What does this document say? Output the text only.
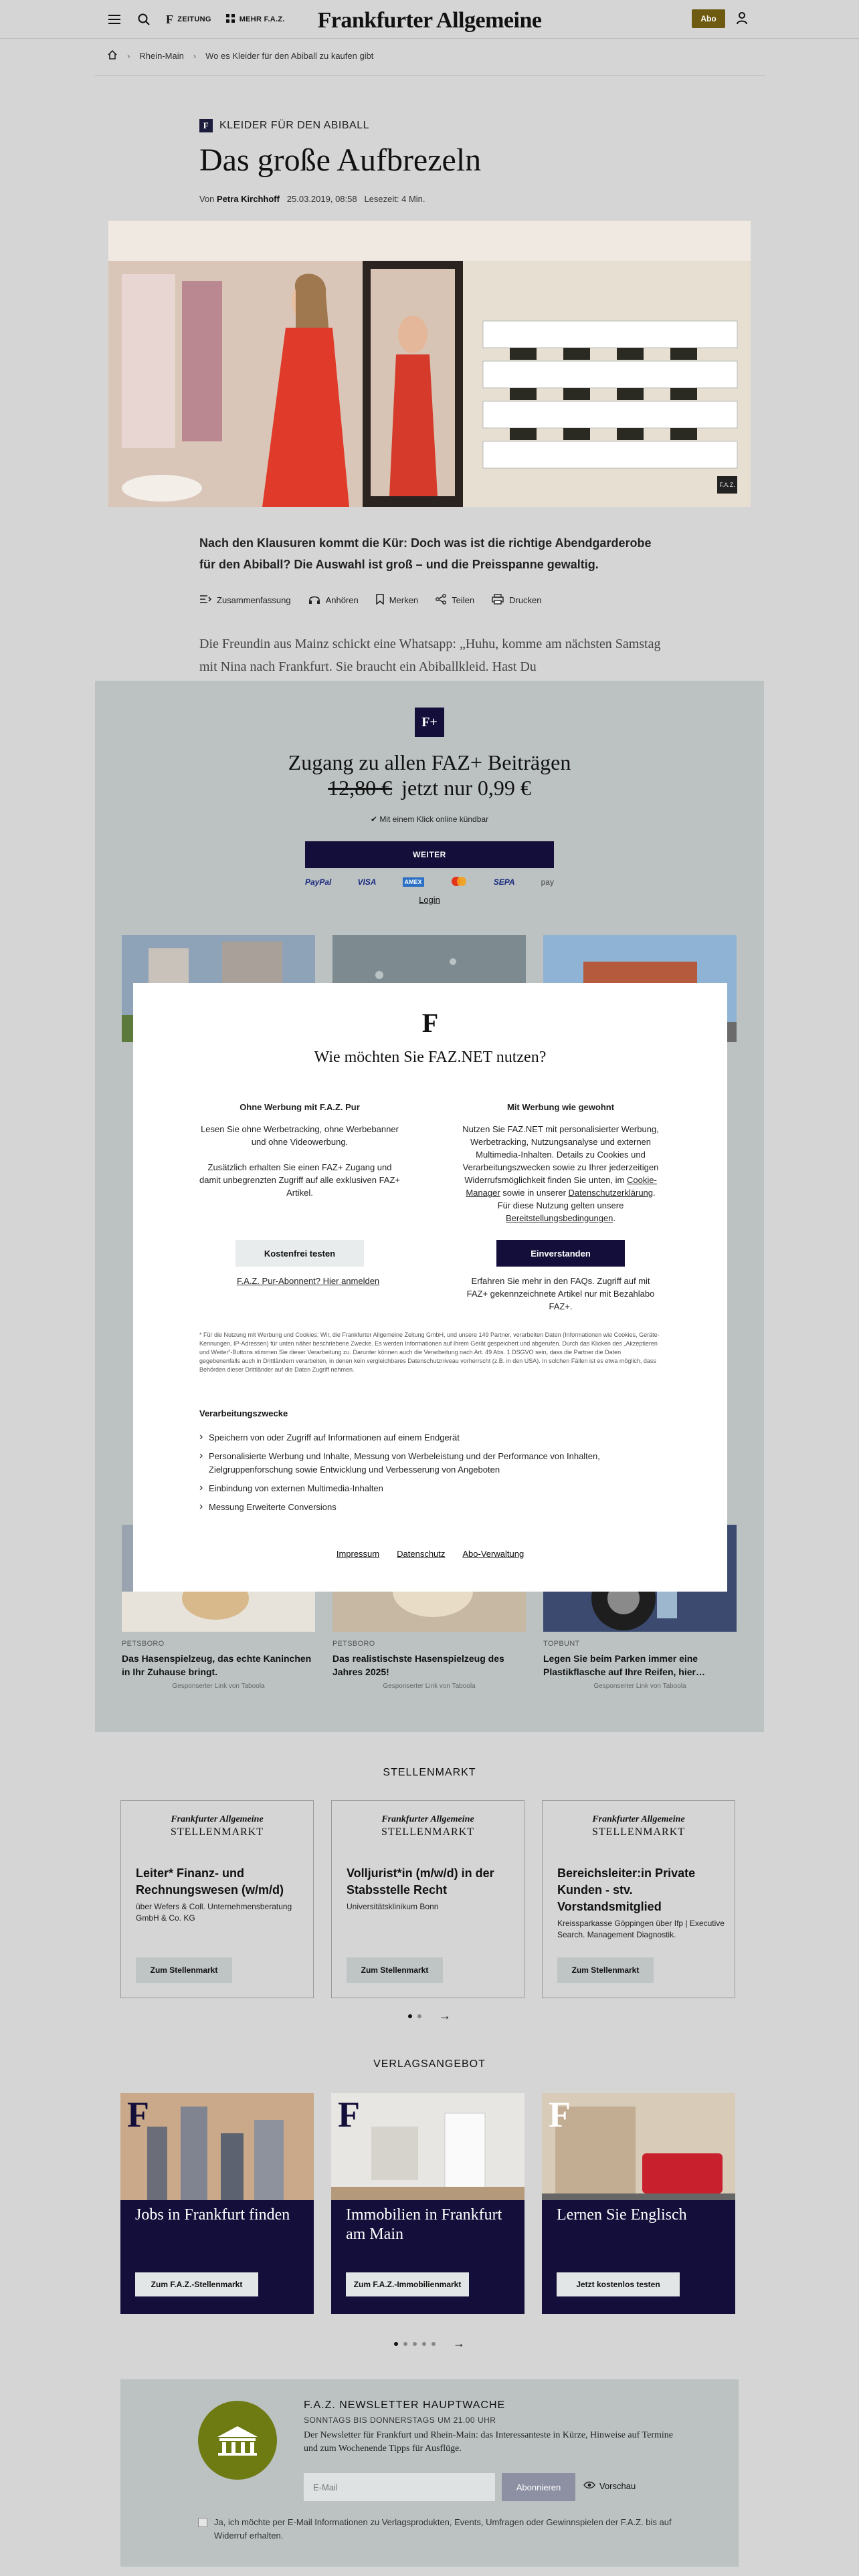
F ZEITUNG	MEHR F.A.Z.	Frankfurter Allgemeine	Abo
› Rhein-Main › Wo es Kleider für den Abiball zu kaufen gibt
F KLEIDER FÜR DEN ABIBALL
Das große Aufbrezeln
Von Petra Kirchhoff 25.03.2019, 08:58 Lesezeit: 4 Min.
F.A.Z.

Nach den Klausuren kommt die Kür: Doch was ist die richtige Abendgarderobe für den Abiball? Die Auswahl ist groß – und die Preisspanne gewaltig.

Zusammenfassung	Anhören	Merken	Teilen	Drucken

Die Freundin aus Mainz schickt eine Whatsapp: „Huhu, komme am nächsten Samstag mit Nina nach Frankfurt. Sie braucht ein Abiballkleid. Hast Du

F+
Zugang zu allen FAZ+ Beiträgen
12,80 € jetzt nur 0,99 €
✔ Mit einem Klick online kündbar
WEITER
PayPal	VISA	AMEX	SEPA	pay
Login
PETSBORO
Das Hasenspielzeug, das echte Kaninchen in Ihr Zuhause bringt.
Gesponserter Link von Taboola
PETSBORO
Das realistischste Hasenspielzeug des Jahres 2025!
Gesponserter Link von Taboola
TOPBUNT
Legen Sie beim Parken immer eine Plastikflasche auf Ihre Reifen, hier…
Gesponserter Link von Taboola
F
Wie möchten Sie FAZ.NET nutzen?
Ohne Werbung mit F.A.Z. Pur

Lesen Sie ohne Werbetracking, ohne Werbebanner und ohne Videowerbung.

Zusätzlich erhalten Sie einen FAZ+ Zugang und damit unbegrenzten Zugriff auf alle exklusiven FAZ+ Artikel.

Mit Werbung wie gewohnt

Nutzen Sie FAZ.NET mit personalisierter Werbung, Werbetracking, Nutzungsanalyse und externen Multimedia-Inhalten. Details zu Cookies und Verarbeitungszwecken sowie zu Ihrer jederzeitigen Widerrufsmöglichkeit finden Sie unten, im Cookie-Manager sowie in unserer Datenschutzerklärung. Für diese Nutzung gelten unsere Bereitstellungsbedingungen.

Kostenfrei testen	Einverstanden
F.A.Z. Pur-Abonnent? Hier anmelden	Erfahren Sie mehr in den FAQs. Zugriff auf mit FAZ+ gekennzeichnete Artikel nur mit Bezahlabo FAZ+.

* Für die Nutzung mit Werbung und Cookies: Wir, die Frankfurter Allgemeine Zeitung GmbH, und unsere 149 Partner, verarbeiten Daten (Informationen wie Cookies, Geräte-Kennungen, IP-Adressen) für unten näher beschriebene Zwecke. Es werden Informationen auf Ihrem Gerät gespeichert und abgerufen. Durch das Klicken des „Akzeptieren und Weiter“-Buttons stimmen Sie dieser Verarbeitung zu. Darunter können auch die Verarbeitung nach Art. 49 Abs. 1 DSGVO sein, dass die Partner die Daten gegebenenfalls auch in Drittländern verarbeiten, in denen kein vergleichbares Datenschutzniveau vorherrscht (z.B. in den USA). In solchen Fällen ist es etwa möglich, dass Behörden dieser Drittländer auf die Daten Zugriff nehmen.

Verarbeitungszwecke
› Speichern von oder Zugriff auf Informationen auf einem Endgerät
› Personalisierte Werbung und Inhalte, Messung von Werbeleistung und der Performance von Inhalten, Zielgruppenforschung sowie Entwicklung und Verbesserung von Angeboten
› Einbindung von externen Multimedia-Inhalten
› Messung Erweiterte Conversions
Impressum Datenschutz Abo-Verwaltung
STELLENMARKT
Frankfurter Allgemeine
STELLENMARKT
Leiter* Finanz- und Rechnungswesen (w/m/d)
über Wefers & Coll. Unternehmensberatung GmbH & Co. KG
Zum Stellenmarkt
Frankfurter Allgemeine
STELLENMARKT
Volljurist*in (m/w/d) in der Stabsstelle Recht
Universitätsklinikum Bonn
Zum Stellenmarkt
Frankfurter Allgemeine
STELLENMARKT
Bereichsleiter:in Private Kunden - stv. Vorstandsmitglied
Kreissparkasse Göppingen über Ifp | Executive Search. Management Diagnostik.
Zum Stellenmarkt
→
VERLAGSANGEBOT
F
Jobs in Frankfurt finden
Zum F.A.Z.-Stellenmarkt
F
Immobilien in Frankfurt am Main
Zum F.A.Z.-Immobilienmarkt
F
Lernen Sie Englisch
Jetzt kostenlos testen
→
F.A.Z. NEWSLETTER HAUPTWACHE
SONNTAGS BIS DONNERSTAGS UM 21.00 UHR
Der Newsletter für Frankfurt und Rhein-Main: das Interessanteste in Kürze, Hinweise auf Termine und zum Wochenende Tipps für Ausflüge.
E-Mail
Abonnieren	Vorschau
Ja, ich möchte per E-Mail Informationen zu Verlagsprodukten, Events, Umfragen oder Gewinnspielen der F.A.Z. bis auf Widerruf erhalten.
